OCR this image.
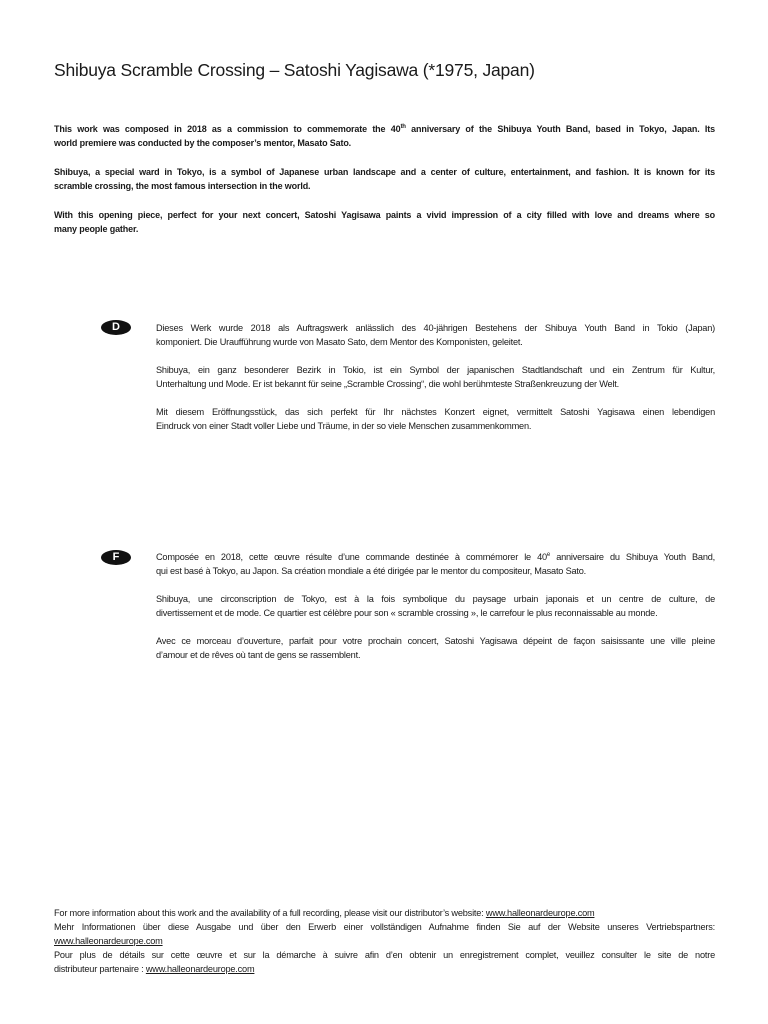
Shibuya Scramble Crossing – Satoshi Yagisawa (*1975, Japan)

This work was composed in 2018 as a commission to commemorate the 40th anniversary of the Shibuya Youth Band, based in Tokyo, Japan. Its
world premiere was conducted by the composer’s mentor, Masato Sato.

Shibuya, a special ward in Tokyo, is a symbol of Japanese urban landscape and a center of culture, entertainment, and fashion. It is known for its
scramble crossing, the most famous intersection in the world.

With this opening piece, perfect for your next concert, Satoshi Yagisawa paints a vivid impression of a city filled with love and dreams where so
many people gather.

D	Dieses Werk wurde 2018 als Auftragswerk anlässlich des 40-jährigen Bestehens der Shibuya Youth Band in Tokio (Japan)
komponiert. Die Uraufführung wurde von Masato Sato, dem Mentor des Komponisten, geleitet.

Shibuya, ein ganz besonderer Bezirk in Tokio, ist ein Symbol der japanischen Stadtlandschaft und ein Zentrum für Kultur,
Unterhaltung und Mode. Er ist bekannt für seine „Scramble Crossing“, die wohl berühmteste Straßenkreuzung der Welt.

Mit diesem Eröffnungsstück, das sich perfekt für Ihr nächstes Konzert eignet, vermittelt Satoshi Yagisawa einen lebendigen
Eindruck von einer Stadt voller Liebe und Träume, in der so viele Menschen zusammenkommen.

F	Composée en 2018, cette œuvre résulte d’une commande destinée à commémorer le 40e anniversaire du Shibuya Youth Band,
qui est basé à Tokyo, au Japon. Sa création mondiale a été dirigée par le mentor du compositeur, Masato Sato.

Shibuya, une circonscription de Tokyo, est à la fois symbolique du paysage urbain japonais et un centre de culture, de
divertissement et de mode. Ce quartier est célèbre pour son « scramble crossing », le carrefour le plus reconnaissable au monde.

Avec ce morceau d’ouverture, parfait pour votre prochain concert, Satoshi Yagisawa dépeint de façon saisissante une ville pleine
d’amour et de rêves où tant de gens se rassemblent.

For more information about this work and the availability of a full recording, please visit our distributor’s website: www.halleonardeurope.com
Mehr Informationen über diese Ausgabe und über den Erwerb einer vollständigen Aufnahme finden Sie auf der Website unseres Vertriebspartners:
www.halleonardeurope.com
Pour plus de détails sur cette œuvre et sur la démarche à suivre afin d’en obtenir un enregistrement complet, veuillez consulter le site de notre
distributeur partenaire : www.halleonardeurope.com
